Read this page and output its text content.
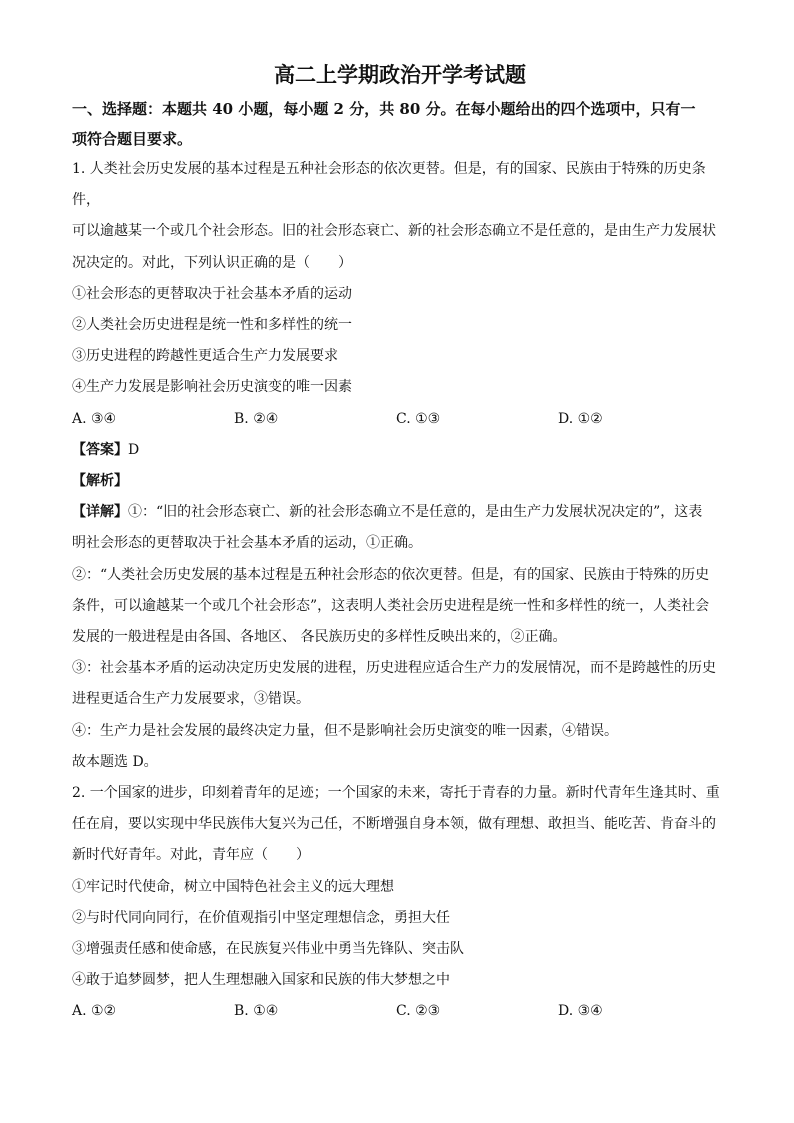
高二上学期政治开学考试题

一、选择题：本题共 40 小题，每小题 2 分，共 80 分。在每小题给出的四个选项中，只有一

项符合题目要求。

1. 人类社会历史发展的基本过程是五种社会形态的依次更替。但是，有的国家、民族由于特殊的历史条件，

可以逾越某一个或几个社会形态。旧的社会形态衰亡、新的社会形态确立不是任意的，是由生产力发展状

况决定的。对此，下列认识正确的是（　　）

①社会形态的更替取决于社会基本矛盾的运动

②人类社会历史进程是统一性和多样性的统一

③历史进程的跨越性更适合生产力发展要求

④生产力发展是影响社会历史演变的唯一因素

A. ③④	B. ②④	C. ①③	D. ①②

【答案】D

【解析】

【详解】①：“旧的社会形态衰亡、新的社会形态确立不是任意的，是由生产力发展状况决定的”，这表

明社会形态的更替取决于社会基本矛盾的运动，①正确。

②：“人类社会历史发展的基本过程是五种社会形态的依次更替。但是，有的国家、民族由于特殊的历史

条件，可以逾越某一个或几个社会形态”，这表明人类社会历史进程是统一性和多样性的统一，人类社会

发展的一般进程是由各国、各地区、 各民族历史的多样性反映出来的，②正确。

③：社会基本矛盾的运动决定历史发展的进程，历史进程应适合生产力的发展情况，而不是跨越性的历史

进程更适合生产力发展要求，③错误。

④：生产力是社会发展的最终决定力量，但不是影响社会历史演变的唯一因素，④错误。

故本题选 D。

2. 一个国家的进步，印刻着青年的足迹；一个国家的未来，寄托于青春的力量。新时代青年生逢其时、重

任在肩，要以实现中华民族伟大复兴为己任，不断增强自身本领，做有理想、敢担当、能吃苦、肯奋斗的

新时代好青年。对此，青年应（　　）

①牢记时代使命，树立中国特色社会主义的远大理想

②与时代同向同行，在价值观指引中坚定理想信念，勇担大任

③增强责任感和使命感，在民族复兴伟业中勇当先锋队、突击队

④敢于追梦圆梦，把人生理想融入国家和民族的伟大梦想之中

A. ①②	B. ①④	C. ②③	D. ③④
